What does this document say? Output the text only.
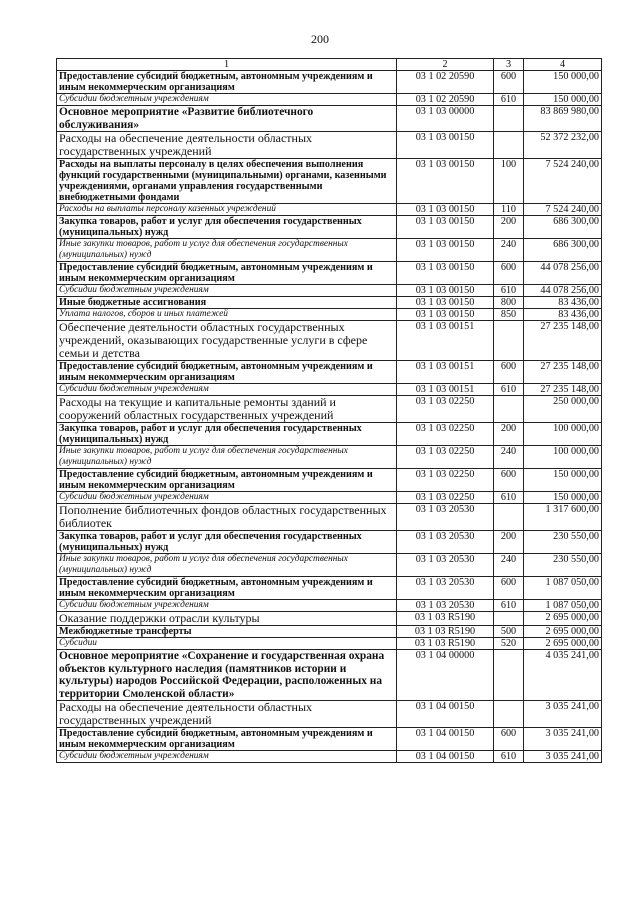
200
1	2	3	4
Предоставление субсидий бюджетным, автономным учреждениям и иным некоммерческим организациям	03 1 02 20590	600	150 000,00
Субсидии бюджетным учреждениям	03 1 02 20590	610	150 000,00
Основное мероприятие «Развитие библиотечного обслуживания»	03 1 03 00000		83 869 980,00
Расходы на обеспечение деятельности областных государственных учреждений	03 1 03 00150		52 372 232,00
Расходы на выплаты персоналу в целях обеспечения выполнения функций государственными (муниципальными) органами, казенными учреждениями, органами управления государственными внебюджетными фондами	03 1 03 00150	100	7 524 240,00
Расходы на выплаты персоналу казенных учреждений	03 1 03 00150	110	7 524 240,00
Закупка товаров, работ и услуг для обеспечения государственных (муниципальных) нужд	03 1 03 00150	200	686 300,00
Иные закупки товаров, работ и услуг для обеспечения государственных (муниципальных) нужд	03 1 03 00150	240	686 300,00
Предоставление субсидий бюджетным, автономным учреждениям и иным некоммерческим организациям	03 1 03 00150	600	44 078 256,00
Субсидии бюджетным учреждениям	03 1 03 00150	610	44 078 256,00
Иные бюджетные ассигнования	03 1 03 00150	800	83 436,00
Уплата налогов, сборов и иных платежей	03 1 03 00150	850	83 436,00
Обеспечение деятельности областных государственных учреждений, оказывающих государственные услуги в сфере семьи и детства	03 1 03 00151		27 235 148,00
Предоставление субсидий бюджетным, автономным учреждениям и иным некоммерческим организациям	03 1 03 00151	600	27 235 148,00
Субсидии бюджетным учреждениям	03 1 03 00151	610	27 235 148,00
Расходы на текущие и капитальные ремонты зданий и сооружений областных государственных учреждений	03 1 03 02250		250 000,00
Закупка товаров, работ и услуг для обеспечения государственных (муниципальных) нужд	03 1 03 02250	200	100 000,00
Иные закупки товаров, работ и услуг для обеспечения государственных (муниципальных) нужд	03 1 03 02250	240	100 000,00
Предоставление субсидий бюджетным, автономным учреждениям и иным некоммерческим организациям	03 1 03 02250	600	150 000,00
Субсидии бюджетным учреждениям	03 1 03 02250	610	150 000,00
Пополнение библиотечных фондов областных государственных библиотек	03 1 03 20530		1 317 600,00
Закупка товаров, работ и услуг для обеспечения государственных (муниципальных) нужд	03 1 03 20530	200	230 550,00
Иные закупки товаров, работ и услуг для обеспечения государственных (муниципальных) нужд	03 1 03 20530	240	230 550,00
Предоставление субсидий бюджетным, автономным учреждениям и иным некоммерческим организациям	03 1 03 20530	600	1 087 050,00
Субсидии бюджетным учреждениям	03 1 03 20530	610	1 087 050,00
Оказание поддержки отрасли культуры	03 1 03 R5190		2 695 000,00
Межбюджетные трансферты	03 1 03 R5190	500	2 695 000,00
Субсидии	03 1 03 R5190	520	2 695 000,00
Основное мероприятие «Сохранение и государственная охрана объектов культурного наследия (памятников истории и культуры) народов Российской Федерации, расположенных на территории Смоленской области»	03 1 04 00000		4 035 241,00
Расходы на обеспечение деятельности областных государственных учреждений	03 1 04 00150		3 035 241,00
Предоставление субсидий бюджетным, автономным учреждениям и иным некоммерческим организациям	03 1 04 00150	600	3 035 241,00
Субсидии бюджетным учреждениям	03 1 04 00150	610	3 035 241,00
